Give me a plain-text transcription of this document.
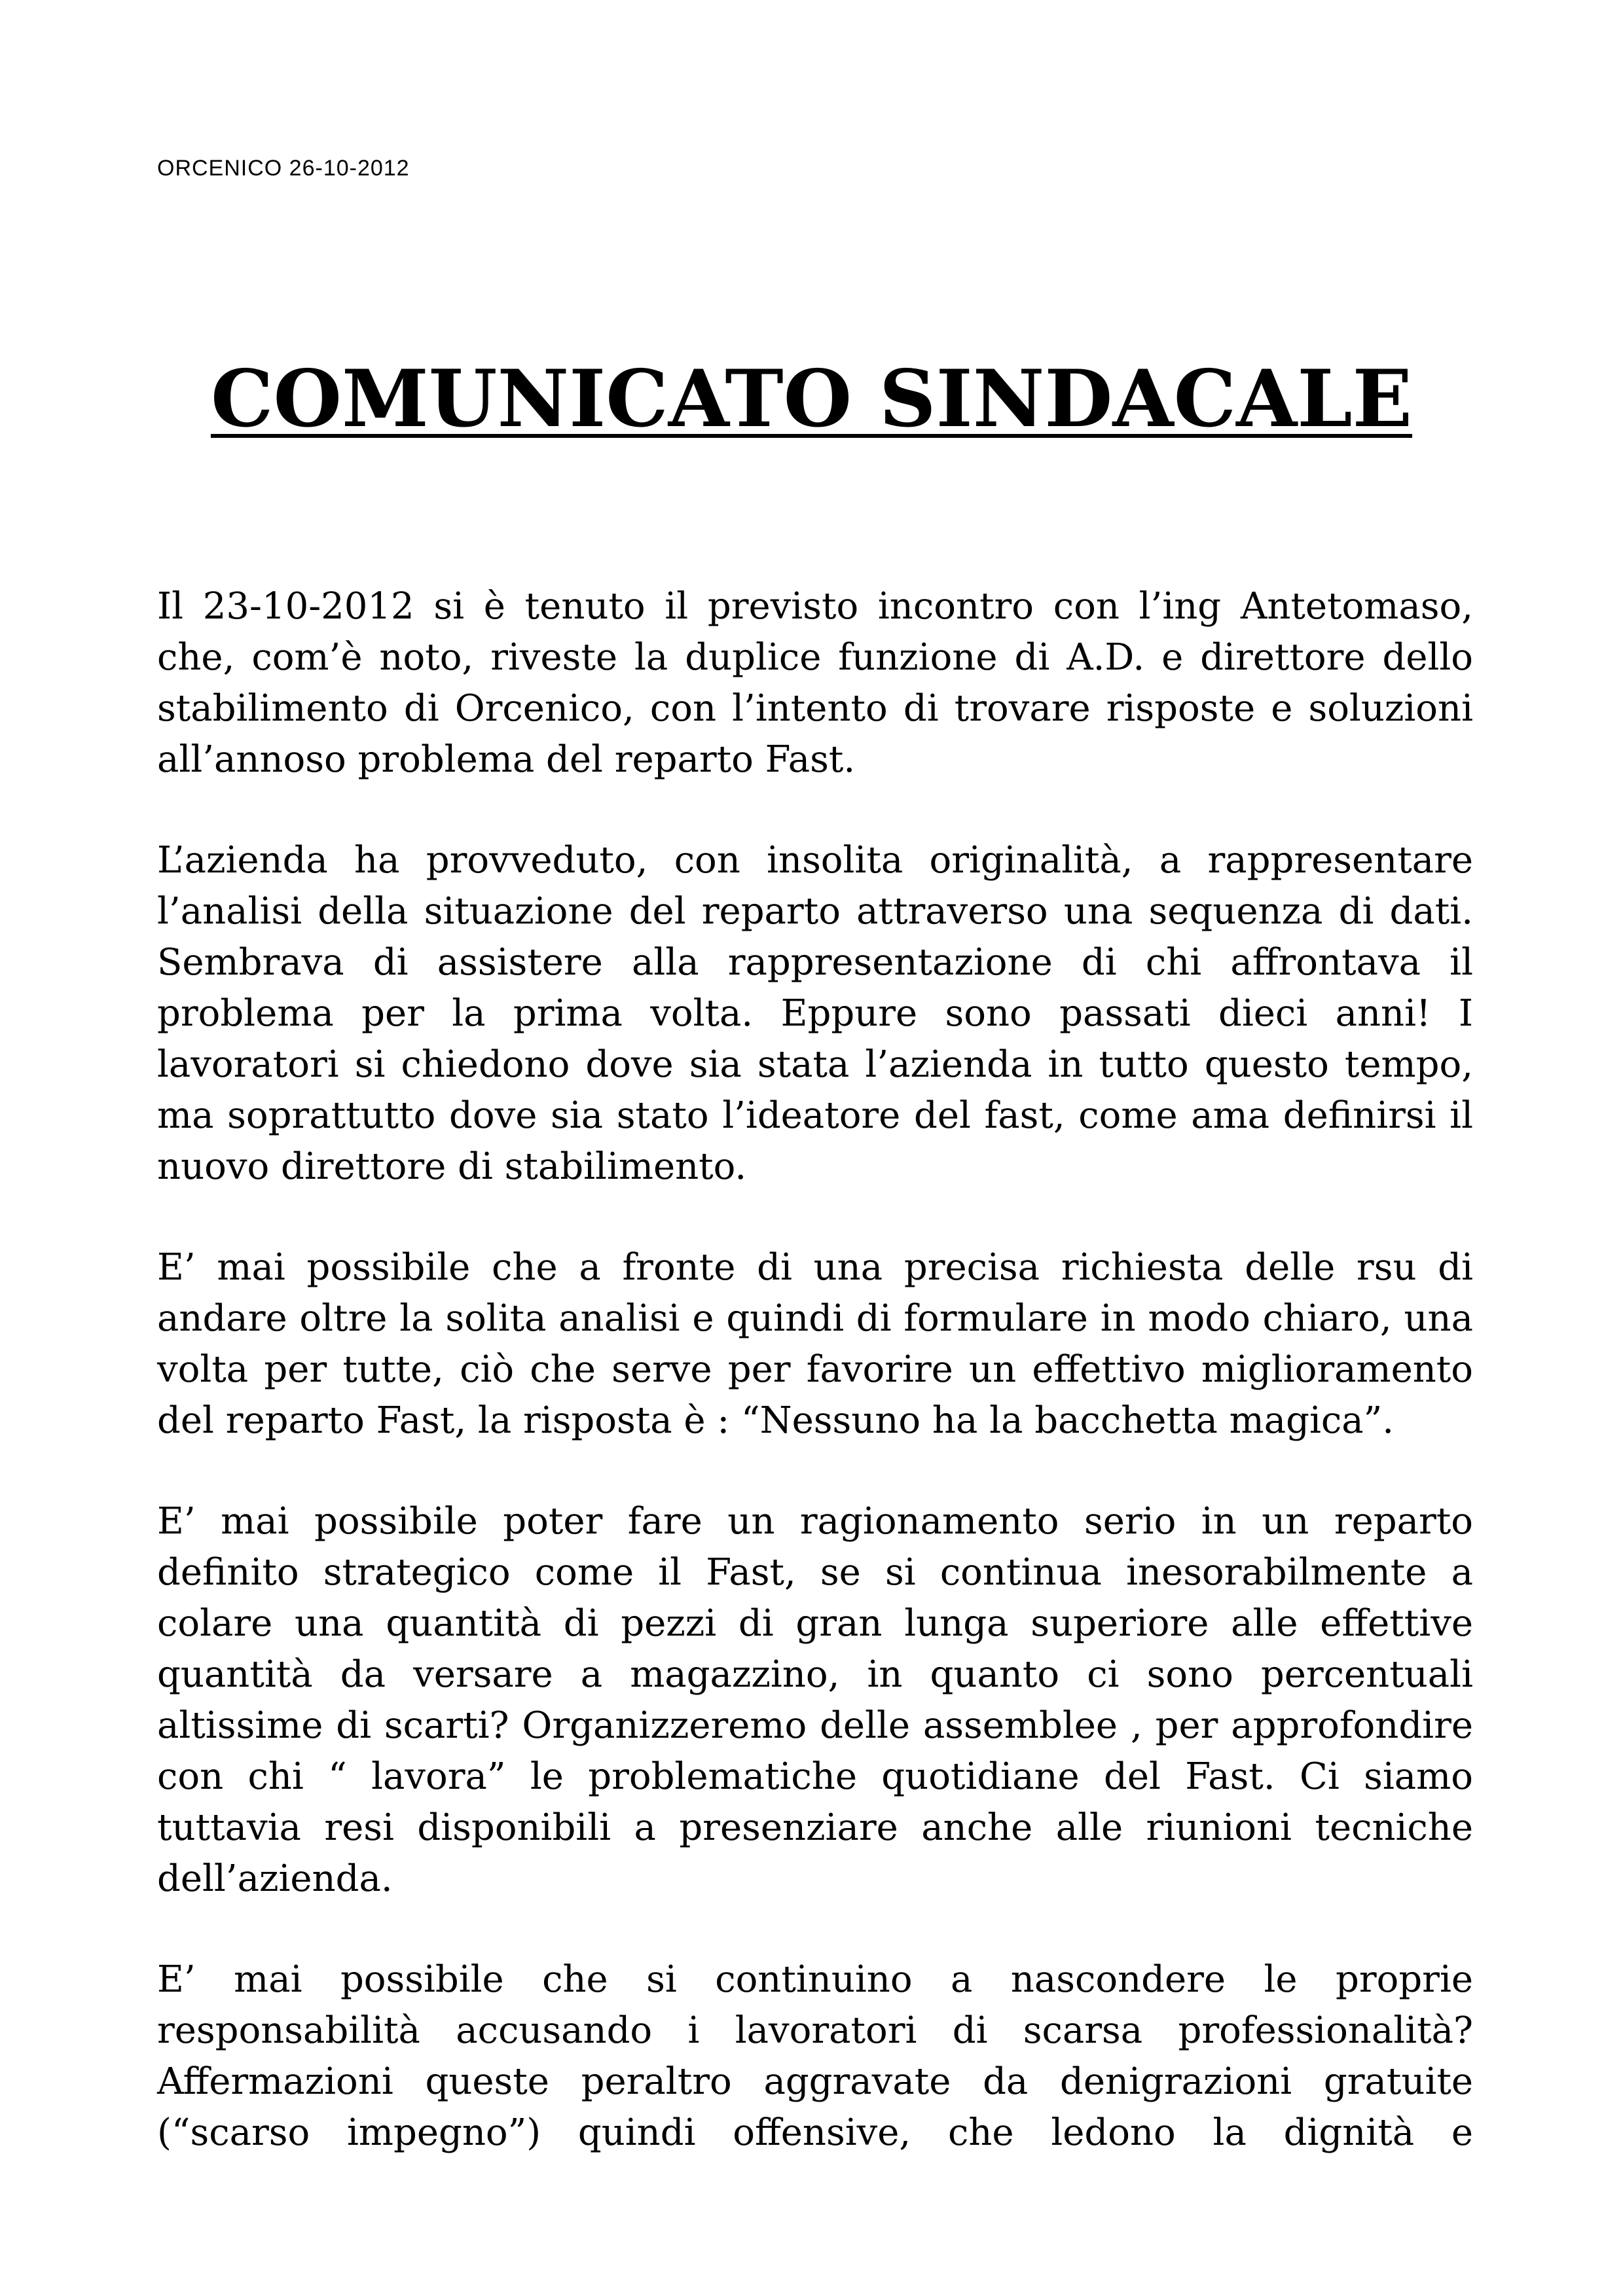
ORCENICO 26-10-2012

COMUNICATO SINDACALE

Il 23-10-2012 si è tenuto il previsto incontro con l’ing Antetomaso, che, com’è noto, riveste la duplice funzione di A.D. e direttore dello stabilimento di Orcenico, con l’intento di trovare risposte e soluzioni all’annoso problema del reparto Fast.

L’azienda ha provveduto, con insolita originalità, a rappresentare l’analisi della situazione del reparto attraverso una sequenza di dati. Sembrava di assistere alla rappresentazione di chi affrontava il problema per la prima volta. Eppure sono passati dieci anni! I lavoratori si chiedono dove sia stata l’azienda in tutto questo tempo, ma soprattutto dove sia stato l’ideatore del fast, come ama definirsi il nuovo direttore di stabilimento.

E’ mai possibile che a fronte di una precisa richiesta delle rsu di andare oltre la solita analisi e quindi di formulare in modo chiaro, una volta per tutte, ciò che serve per favorire un effettivo miglioramento del reparto Fast, la risposta è : “Nessuno ha la bacchetta magica”.

E’ mai possibile poter fare un ragionamento serio in un reparto definito strategico come il Fast, se si continua inesorabilmente a colare una quantità di pezzi di gran lunga superiore alle effettive quantità da versare a magazzino, in quanto ci sono percentuali altissime di scarti? Organizzeremo delle assemblee , per approfondire con chi “ lavora” le problematiche quotidiane del Fast. Ci siamo tuttavia resi disponibili a presenziare anche alle riunioni tecniche dell’azienda.

E’ mai possibile che si continuino a nascondere le proprie responsabilità accusando i lavoratori di scarsa professionalità? Affermazioni queste peraltro aggravate da denigrazioni gratuite (“scarso impegno”) quindi offensive, che ledono la dignità e
